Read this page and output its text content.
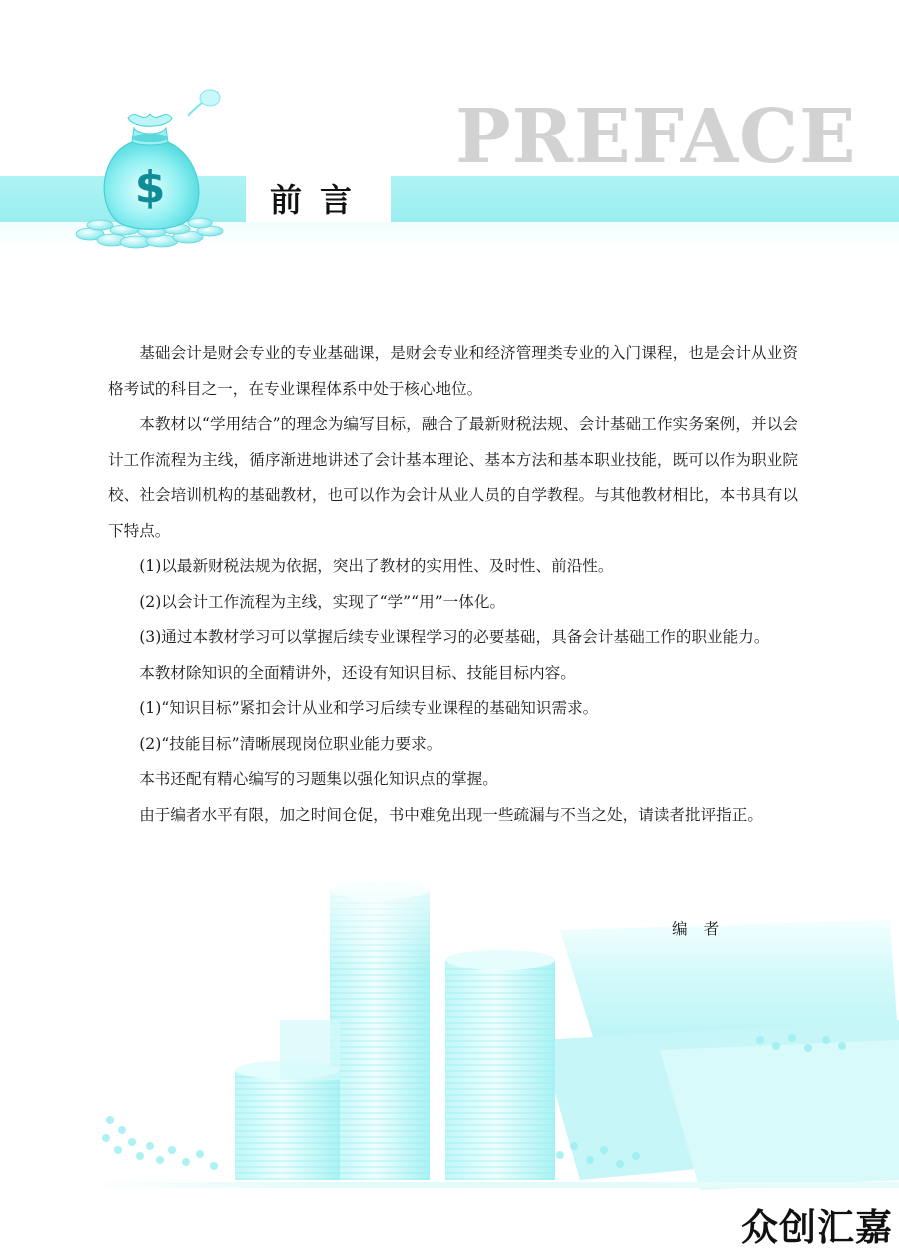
PREFACE
前言
$

基础会计是财会专业的专业基础课，是财会专业和经济管理类专业的入门课程，也是会计从业资格考试的科目之一，在专业课程体系中处于核心地位。

本教材以“学用结合”的理念为编写目标，融合了最新财税法规、会计基础工作实务案例，并以会计工作流程为主线，循序渐进地讲述了会计基本理论、基本方法和基本职业技能，既可以作为职业院校、社会培训机构的基础教材，也可以作为会计从业人员的自学教程。与其他教材相比，本书具有以下特点。

(1)以最新财税法规为依据，突出了教材的实用性、及时性、前沿性。

(2)以会计工作流程为主线，实现了“学”“用”一体化。

(3)通过本教材学习可以掌握后续专业课程学习的必要基础，具备会计基础工作的职业能力。

本教材除知识的全面精讲外，还设有知识目标、技能目标内容。

(1)“知识目标”紧扣会计从业和学习后续专业课程的基础知识需求。

(2)“技能目标”清晰展现岗位职业能力要求。

本书还配有精心编写的习题集以强化知识点的掌握。

由于编者水平有限，加之时间仓促，书中难免出现一些疏漏与不当之处，请读者批评指正。

编者
众创汇嘉
